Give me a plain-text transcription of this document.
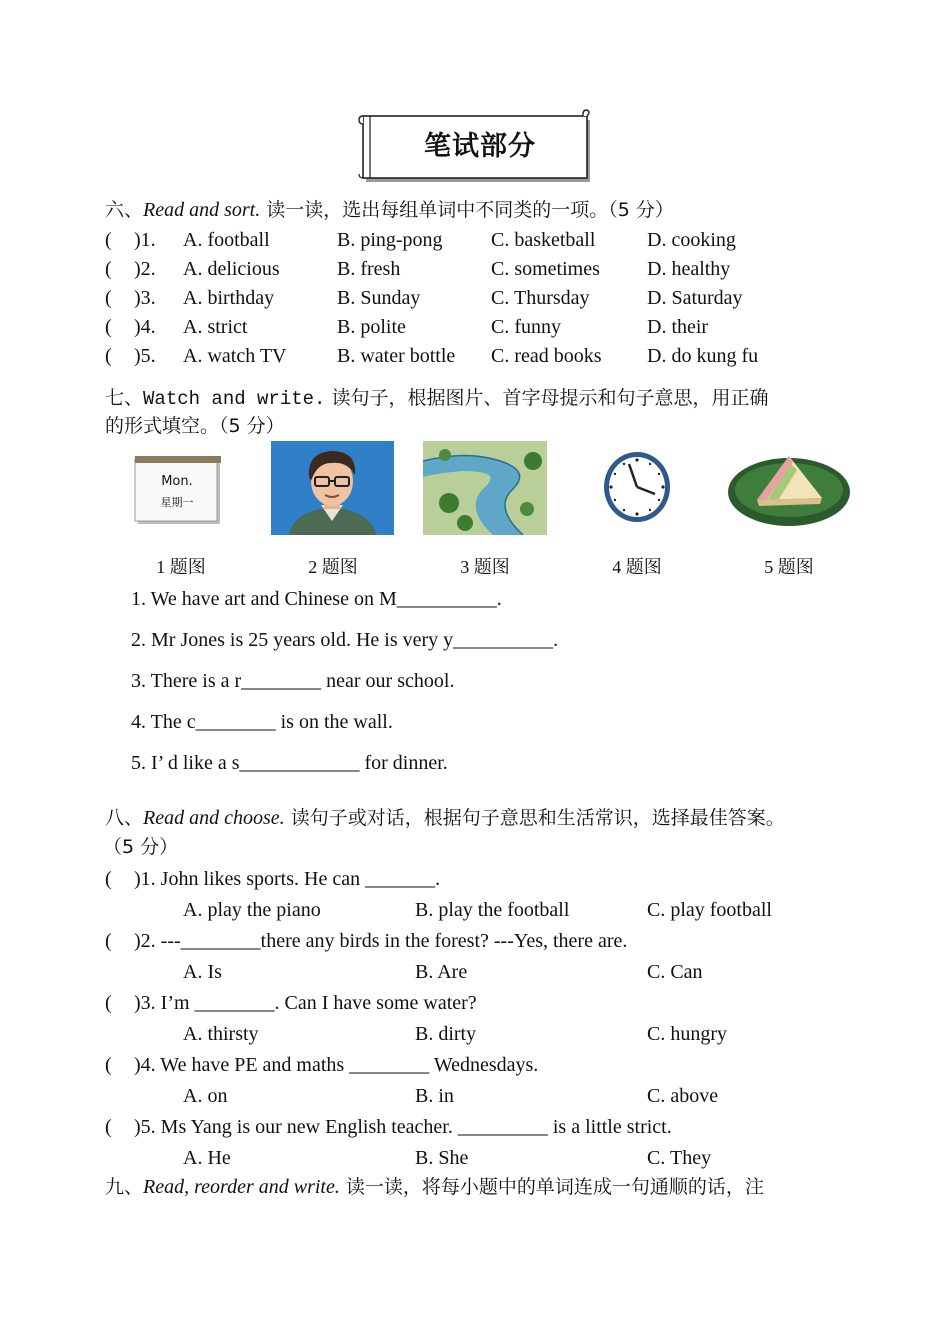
笔试部分
六、Read and sort. 读一读，选出每组单词中不同类的一项。（5 分）
( )1. A. football	B. ping-pong C. basketball	D. cooking
( )2. A. delicious	B. fresh	C. sometimes D. healthy
( )3. A. birthday	B. Sunday	C. Thursday	D. Saturday
( )4. A. strict	B. polite	C. funny	D. their
( )5. A. watch TV	B. water bottle C. read books D. do kung fu
七、Watch and write. 读句子，根据图片、首字母提示和句子意思，用正确
的形式填空。（5 分）
Mon.
星期一
1 题图	2 题图	3 题图	4 题图	5 题图
1. We have art and Chinese on M__________.
2. Mr Jones is 25 years old. He is very y__________.
3. There is a r________ near our school.
4. The c________ is on the wall.
5. I’ d like a s____________ for dinner.
八、Read and choose. 读句子或对话，根据句子意思和生活常识，选择最佳答案。
（5 分）
( )1. John likes sports. He can _______.
A. play the piano	B. play the football	C. play football
( )2. ---________there any birds in the forest? ---Yes, there are.
A. Is	B. Are	C. Can
( )3. I’m ________. Can I have some water?
A. thirsty	B. dirty	C. hungry
( )4. We have PE and maths ________ Wednesdays.
A. on	B. in	C. above
( )5. Ms Yang is our new English teacher. _________ is a little strict.
A. He	B. She	C. They
九、Read, reorder and write. 读一读，将每小题中的单词连成一句通顺的话，注
